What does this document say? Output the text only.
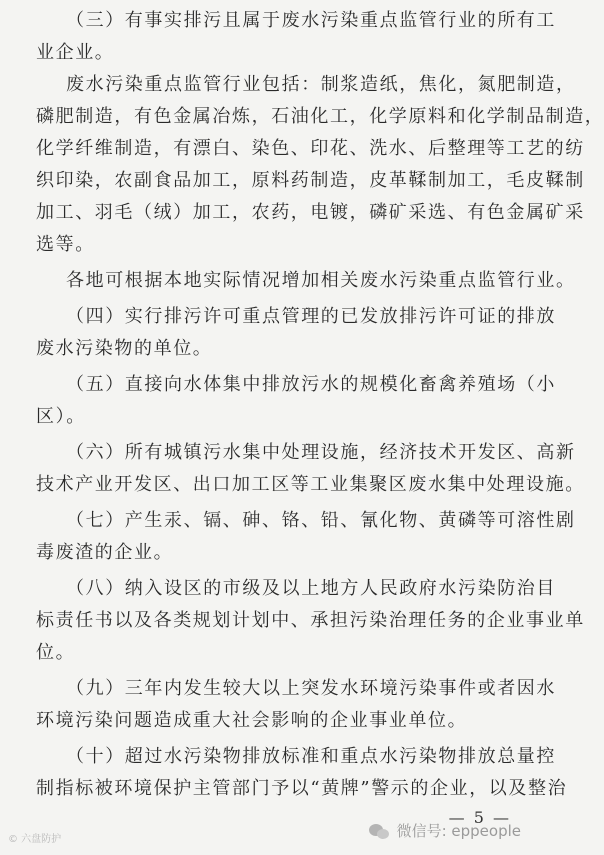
（三）有事实排污且属于废水污染重点监管行业的所有工
业企业。
废水污染重点监管行业包括：制浆造纸，焦化，氮肥制造，
磷肥制造，有色金属冶炼，石油化工，化学原料和化学制品制造，
化学纤维制造，有漂白、染色、印花、洗水、后整理等工艺的纺
织印染，农副食品加工，原料药制造，皮革鞣制加工，毛皮鞣制
加工、羽毛（绒）加工，农药，电镀，磷矿采选、有色金属矿采
选等。
各地可根据本地实际情况增加相关废水污染重点监管行业。
（四）实行排污许可重点管理的已发放排污许可证的排放
废水污染物的单位。
（五）直接向水体集中排放污水的规模化畜禽养殖场（小
区）。
（六）所有城镇污水集中处理设施，经济技术开发区、高新
技术产业开发区、出口加工区等工业集聚区废水集中处理设施。
（七）产生汞、镉、砷、铬、铅、氰化物、黄磷等可溶性剧
毒废渣的企业。
（八）纳入设区的市级及以上地方人民政府水污染防治目
标责任书以及各类规划计划中、承担污染治理任务的企业事业单
位。
（九）三年内发生较大以上突发水环境污染事件或者因水
环境污染问题造成重大社会影响的企业事业单位。
（十）超过水污染物排放标准和重点水污染物排放总量控
制指标被环境保护主管部门予以“黄牌”警示的企业，以及整治
— 5 —
© 六盘防护	微信号: eppeople
